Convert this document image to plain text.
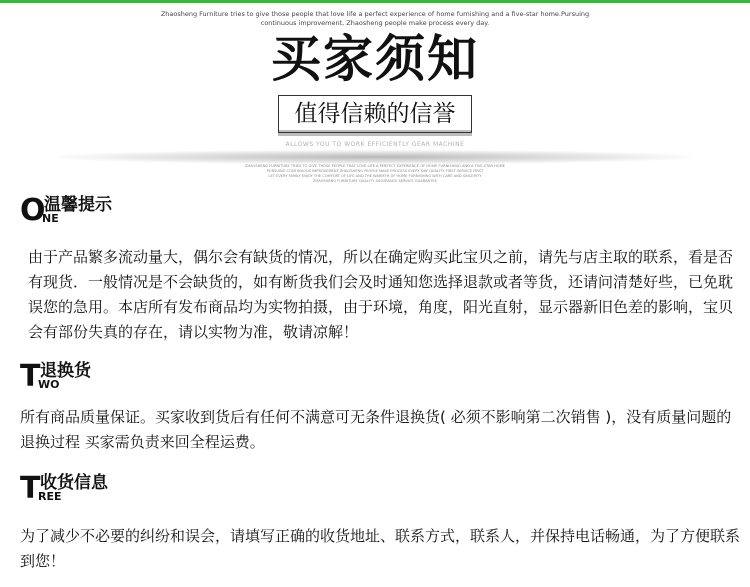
Zhaosheng Furniture tries to give those people that love life a perfect experience of home furnishing and a five-star home.Pursuing
continuous improvement, Zhaosheng people make process every day.
买家须知
值得信赖的信誉
ALLOWS YOU TO WORK EFFICIENTLY GEAR MACHINE
ZHAOSHENG FURNITURE TRIES TO GIVE THOSE PEOPLE THAT LOVE LIFE A PERFECT EXPERIENCE OF HOME FURNISHING AND A FIVE-STAR HOME
PURSUING CONTINUOUS IMPROVEMENT ZHAOSHENG PEOPLE MAKE PROCESS EVERY DAY QUALITY FIRST SERVICE FIRST
LET EVERY FAMILY ENJOY THE COMFORT OF LIFE AND THE WARMTH OF HOME FURNISHING WITH CARE AND SINCERITY
ZHAOSHENG FURNITURE QUALITY ASSURANCE SERVICE GUARANTEE
O
NE
温馨提示
由于产品繁多流动量大，偶尔会有缺货的情况，所以在确定购买此宝贝之前，请先与店主取的联系，看是否有现货．一般情况是不会缺货的，如有断货我们会及时通知您选择退款或者等货，还请问清楚好些，已免耽误您的急用。本店所有发布商品均为实物拍摄，由于环境，角度，阳光直射，显示器新旧色差的影响，宝贝会有部份失真的存在，请以实物为准，敬请凉解！
T
WO
退换货
所有商品质量保证。买家收到货后有任何不满意可无条件退换货( 必须不影响第二次销售 )，没有质量问题的退换过程 买家需负责来回全程运费。
T
REE
收货信息
为了减少不必要的纠纷和误会，请填写正确的收货地址、联系方式，联系人，并保持电话畅通，为了方便联系到您！
